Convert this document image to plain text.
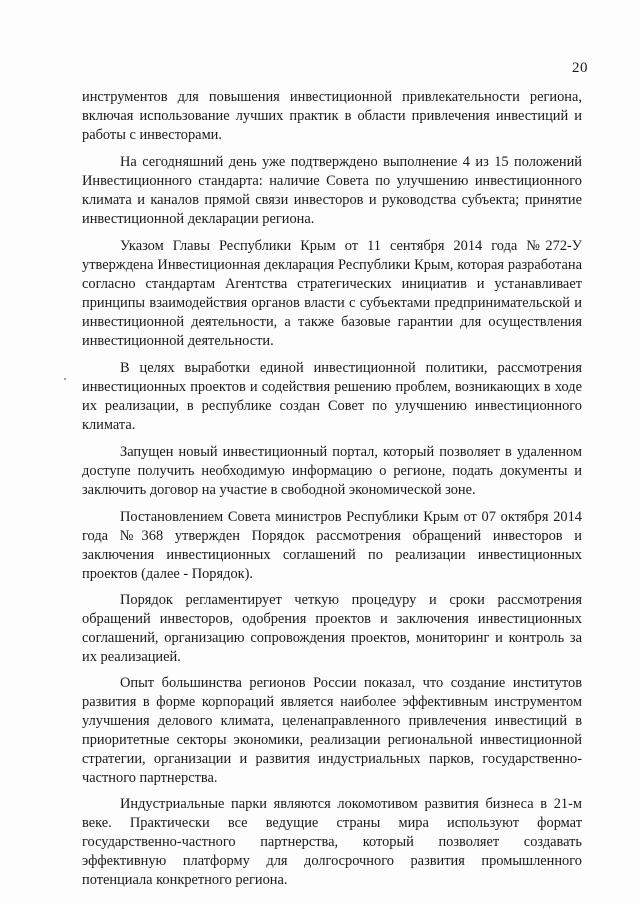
20

инструментов для повышения инвестиционной привлекательности региона, включая использование лучших практик в области привлечения инвестиций и работы с инвесторами.

На сегодняшний день уже подтверждено выполнение 4 из 15 положений Инвестиционного стандарта: наличие Совета по улучшению инвестиционного климата и каналов прямой связи инвесторов и руководства субъекта; принятие инвестиционной декларации региона.

Указом Главы Республики Крым от 11 сентября 2014 года №272-У утверждена Инвестиционная декларация Республики Крым, которая разработана согласно стандартам Агентства стратегических инициатив и устанавливает принципы взаимодействия органов власти с субъектами предпринимательской и инвестиционной деятельности, а также базовые гарантии для осуществления инвестиционной деятельности.

В целях выработки единой инвестиционной политики, рассмотрения инвестиционных проектов и содействия решению проблем, возникающих в ходе их реализации, в республике создан Совет по улучшению инвестиционного климата.

Запущен новый инвестиционный портал, который позволяет в удаленном доступе получить необходимую информацию о регионе, подать документы и заключить договор на участие в свободной экономической зоне.

Постановлением Совета министров Республики Крым от 07 октября 2014 года №368 утвержден Порядок рассмотрения обращений инвесторов и заключения инвестиционных соглашений по реализации инвестиционных проектов (далее - Порядок).

Порядок регламентирует четкую процедуру и сроки рассмотрения обращений инвесторов, одобрения проектов и заключения инвестиционных соглашений, организацию сопровождения проектов, мониторинг и контроль за их реализацией.

Опыт большинства регионов России показал, что создание институтов развития в форме корпораций является наиболее эффективным инструментом улучшения делового климата, целенаправленного привлечения инвестиций в приоритетные секторы экономики, реализации региональной инвестиционной стратегии, организации и развития индустриальных парков, государственно-частного партнерства.

Индустриальные парки являются локомотивом развития бизнеса в 21-м веке. Практически все ведущие страны мира используют формат государственно-частного партнерства, который позволяет создавать эффективную платформу для долгосрочного развития промышленного потенциала конкретного региона.
